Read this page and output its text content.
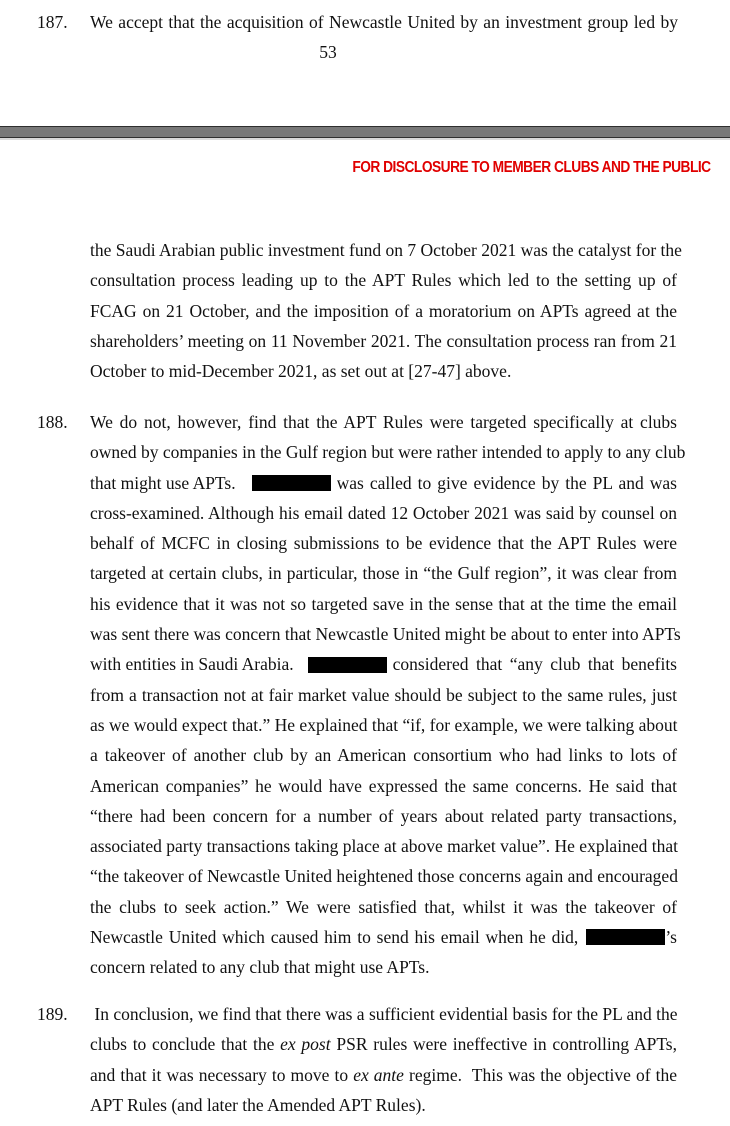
187. We accept that the acquisition of Newcastle United by an investment group led by
53
FOR DISCLOSURE TO MEMBER CLUBS AND THE PUBLIC
the Saudi Arabian public investment fund on 7 October 2021 was the catalyst for the
consultation process leading up to the APT Rules which led to the setting up of
FCAG on 21 October, and the imposition of a moratorium on APTs agreed at the
shareholders’ meeting on 11 November 2021. The consultation process ran from 21
October to mid-December 2021, as set out at [27-47] above.
188. We do not, however, find that the APT Rules were targeted specifically at clubs
owned by companies in the Gulf region but were rather intended to apply to any club
that might use APTs.	was called to give evidence by the PL and was
cross-examined. Although his email dated 12 October 2021 was said by counsel on
behalf of MCFC in closing submissions to be evidence that the APT Rules were
targeted at certain clubs, in particular, those in “the Gulf region”, it was clear from
his evidence that it was not so targeted save in the sense that at the time the email
was sent there was concern that Newcastle United might be about to enter into APTs
with entities in Saudi Arabia.	considered that “any club that benefits
from a transaction not at fair market value should be subject to the same rules, just
as we would expect that.” He explained that “if, for example, we were talking about
a takeover of another club by an American consortium who had links to lots of
American companies” he would have expressed the same concerns. He said that
“there had been concern for a number of years about related party transactions,
associated party transactions taking place at above market value”. He explained that
“the takeover of Newcastle United heightened those concerns again and encouraged
the clubs to seek action.” We were satisfied that, whilst it was the takeover of
Newcastle United which caused him to send his email when he did,	’s
concern related to any club that might use APTs.
189. In conclusion, we find that there was a sufficient evidential basis for the PL and the
clubs to conclude that the ex post PSR rules were ineffective in controlling APTs,
and that it was necessary to move to ex ante regime.  This was the objective of the
APT Rules (and later the Amended APT Rules).
